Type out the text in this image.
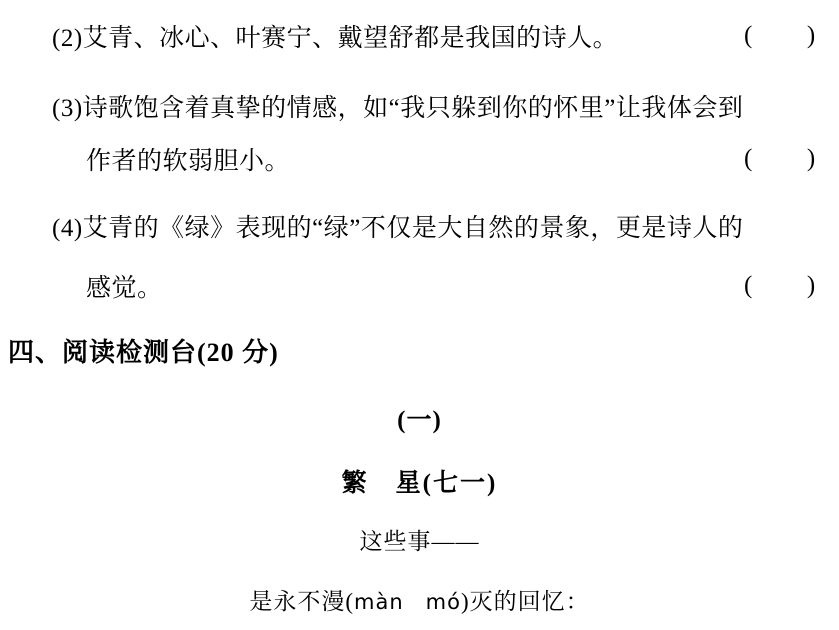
(2)艾青、冰心、叶赛宁、戴望舒都是我国的诗人。	( )
(3)诗歌饱含着真挚的情感，如“我只躲到你的怀里”让我体会到
作者的软弱胆小。	( )
(4)艾青的《绿》表现的“绿”不仅是大自然的景象，更是诗人的
感觉。	( )
四、阅读检测台(20 分)
(一)
繁　星(七一)
这些事——
是永不漫(màn　mó)灭的回忆：
